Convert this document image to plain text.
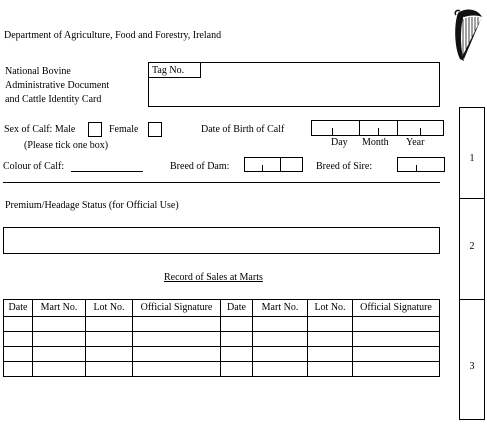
Department of Agriculture, Food and Forestry, Ireland
National Bovine
Administrative Document
and Cattle Identity Card
Tag No.
Sex of Calf: Male	Female
(Please tick one box)
Date of Birth of Calf
Day Month Year
Colour of Calf:	Breed of Dam:	Breed of Sire:
Premium/Headage Status (for Official Use)
Record of Sales at Marts
Date	Mart No.	Lot No.	Official Signature	Date	Mart No.	Lot No.	Official Signature

1
2
3
